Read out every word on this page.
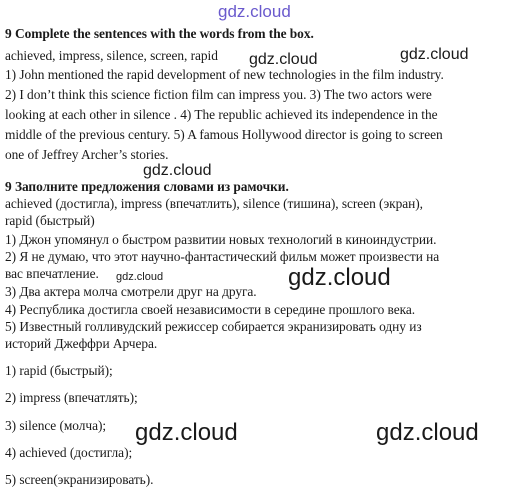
gdz.cloud
gdz.cloud	gdz.cloud
gdz.cloud
gdz.cloud	gdz.cloud
gdz.cloud	gdz.cloud
9 Complete the sentences with the words from the box.
achieved, impress, silence, screen, rapid
1) John mentioned the rapid development of new technologies in the film industry.
2) I don’t think this science fiction film can impress you. 3) The two actors were
looking at each other in silence . 4) The republic achieved its independence in the
middle of the previous century. 5) A famous Hollywood director is going to screen
one of Jeffrey Archer’s stories.
9 Заполните предложения словами из рамочки.
achieved (достигла), impress (впечатлить), silence (тишина), screen (экран),
rapid (быстрый)
1) Джон упомянул о быстром развитии новых технологий в киноиндустрии.
2) Я не думаю, что этот научно-фантастический фильм может произвести на
вас впечатление.
3) Два актера молча смотрели друг на друга.
4) Республика достигла своей независимости в середине прошлого века.
5) Известный голливудский режиссер собирается экранизировать одну из
историй Джеффри Арчера.
1) rapid (быстрый);
2) impress (впечатлять);
3) silence (молча);
4) achieved (достигла);
5) screen(экранизировать).
